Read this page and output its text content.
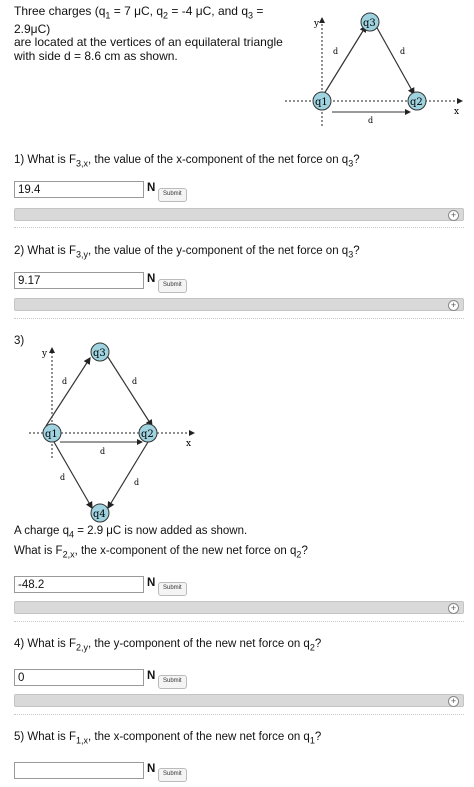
Three charges ($q_1 = 7$ μC, $q_2 = -4$ μC, and $q_3 = 2.9\mu C$)
are located at the vertices of an equilateral triangle
with side d = 8.6 cm as shown.
y
x
q1	q2
q3
d	d
d
1) What is $F_{3,x}$, the value of the x-component of the net force on $q_3$?
19.4	N	Submit
+
2) What is $F_{3,y}$, the value of the y-component of the net force on $q_3$?
9.17	N	Submit
+
3)
y
x
q1	q2
q3
q4
d	d
d
d
d
A charge $q_4 = 2.9$ μC is now added as shown.
What is $F_{2,x}$, the x-component of the new net force on $q_2$?
-48.2	N	Submit
+
4) What is $F_{2,y}$, the y-component of the new net force on $q_2$?
0	N	Submit
+
5) What is $F_{1,x}$, the x-component of the new net force on $q_1$?
N	Submit
